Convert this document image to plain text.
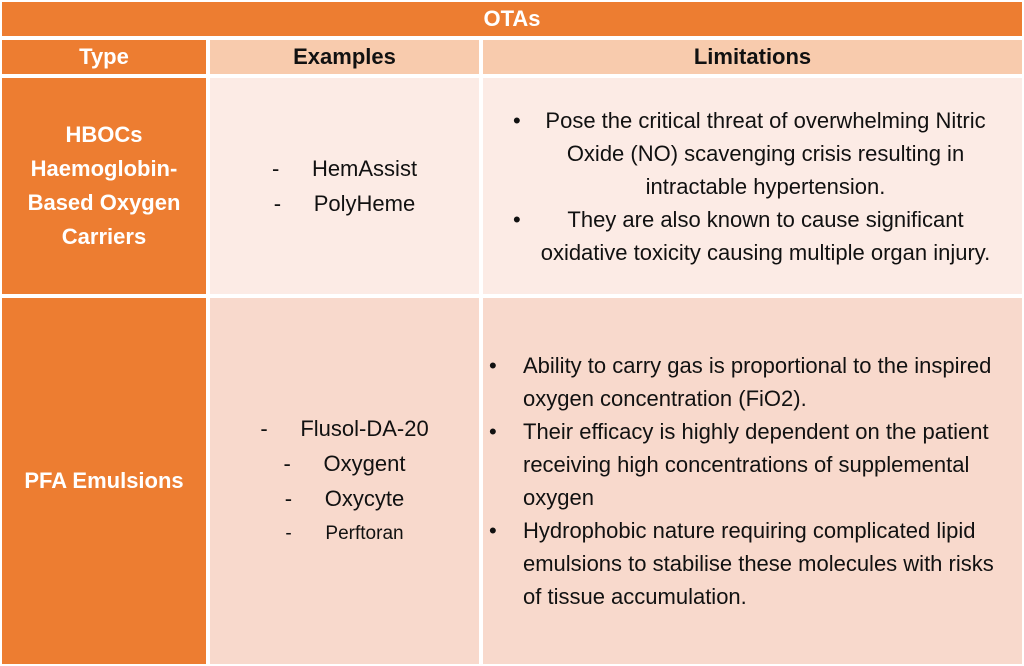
OTAs
Type	Examples	Limitations
HBOCs Haemoglobin-Based Oxygen Carriers
- HemAssist
- PolyHeme
• Pose the critical threat of overwhelming Nitric Oxide (NO) scavenging crisis resulting in intractable hypertension.
• They are also known to cause significant oxidative toxicity causing multiple organ injury.
PFA Emulsions
- Flusol-DA-20
- Oxygent
- Oxycyte
- Perftoran
• Ability to carry gas is proportional to the inspired oxygen concentration (FiO2).
• Their efficacy is highly dependent on the patient receiving high concentrations of supplemental oxygen
• Hydrophobic nature requiring complicated lipid emulsions to stabilise these molecules with risks of tissue accumulation.
